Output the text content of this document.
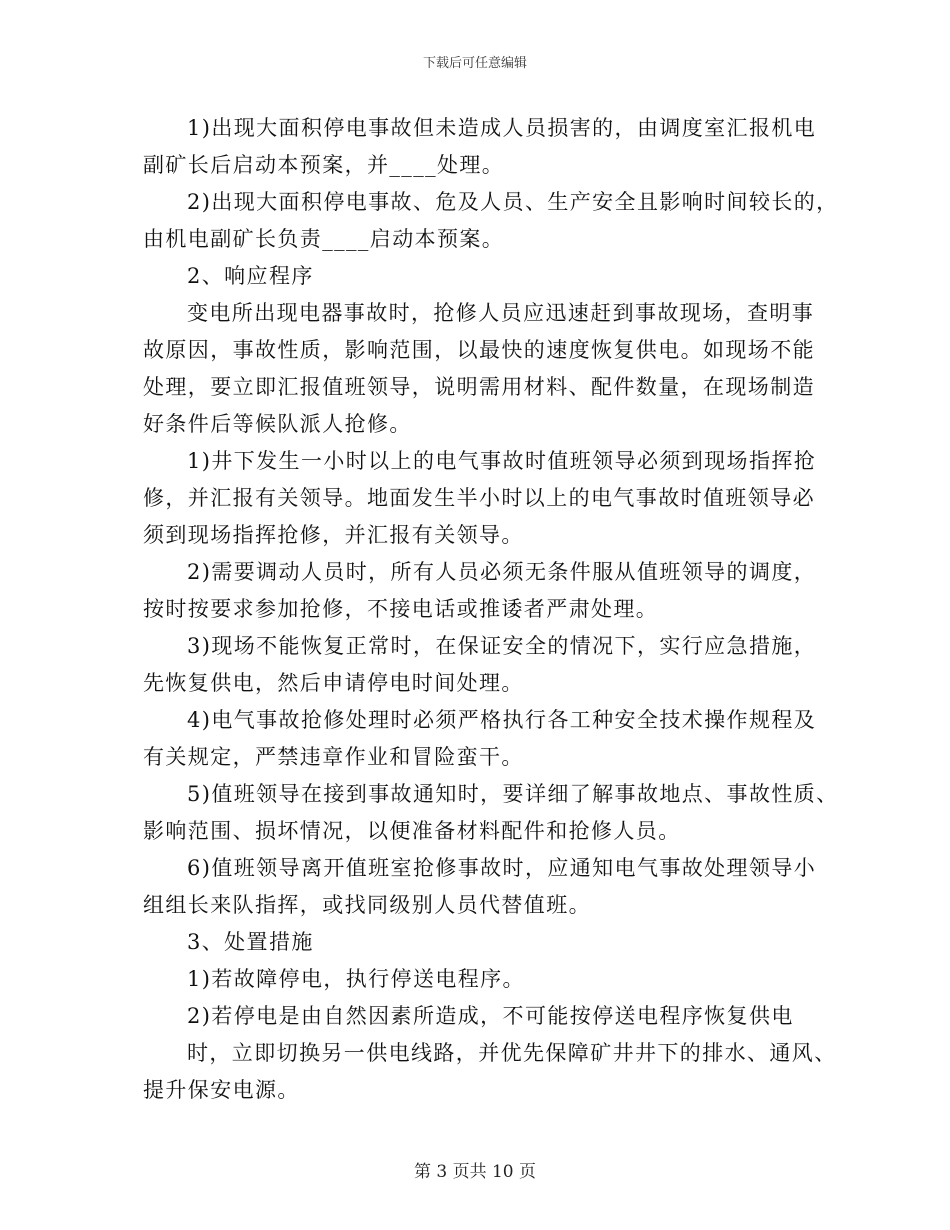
下载后可任意编辑
1)出现大面积停电事故但未造成人员损害的，由调度室汇报机电
副矿长后启动本预案，并____处理。
2)出现大面积停电事故、危及人员、生产安全且影响时间较长的，
由机电副矿长负责____启动本预案。
2、响应程序
变电所出现电器事故时，抢修人员应迅速赶到事故现场，查明事
故原因，事故性质，影响范围，以最快的速度恢复供电。如现场不能
处理，要立即汇报值班领导，说明需用材料、配件数量，在现场制造
好条件后等候队派人抢修。
1)井下发生一小时以上的电气事故时值班领导必须到现场指挥抢
修，并汇报有关领导。地面发生半小时以上的电气事故时值班领导必
须到现场指挥抢修，并汇报有关领导。
2)需要调动人员时，所有人员必须无条件服从值班领导的调度，
按时按要求参加抢修，不接电话或推诿者严肃处理。
3)现场不能恢复正常时，在保证安全的情况下，实行应急措施，
先恢复供电，然后申请停电时间处理。
4)电气事故抢修处理时必须严格执行各工种安全技术操作规程及
有关规定，严禁违章作业和冒险蛮干。
5)值班领导在接到事故通知时，要详细了解事故地点、事故性质、
影响范围、损坏情况，以便准备材料配件和抢修人员。
6)值班领导离开值班室抢修事故时，应通知电气事故处理领导小
组组长来队指挥，或找同级别人员代替值班。
3、处置措施
1)若故障停电，执行停送电程序。
2)若停电是由自然因素所造成，不可能按停送电程序恢复供电
时，立即切换另一供电线路，并优先保障矿井井下的排水、通风、
提升保安电源。
第 3 页共 10 页
